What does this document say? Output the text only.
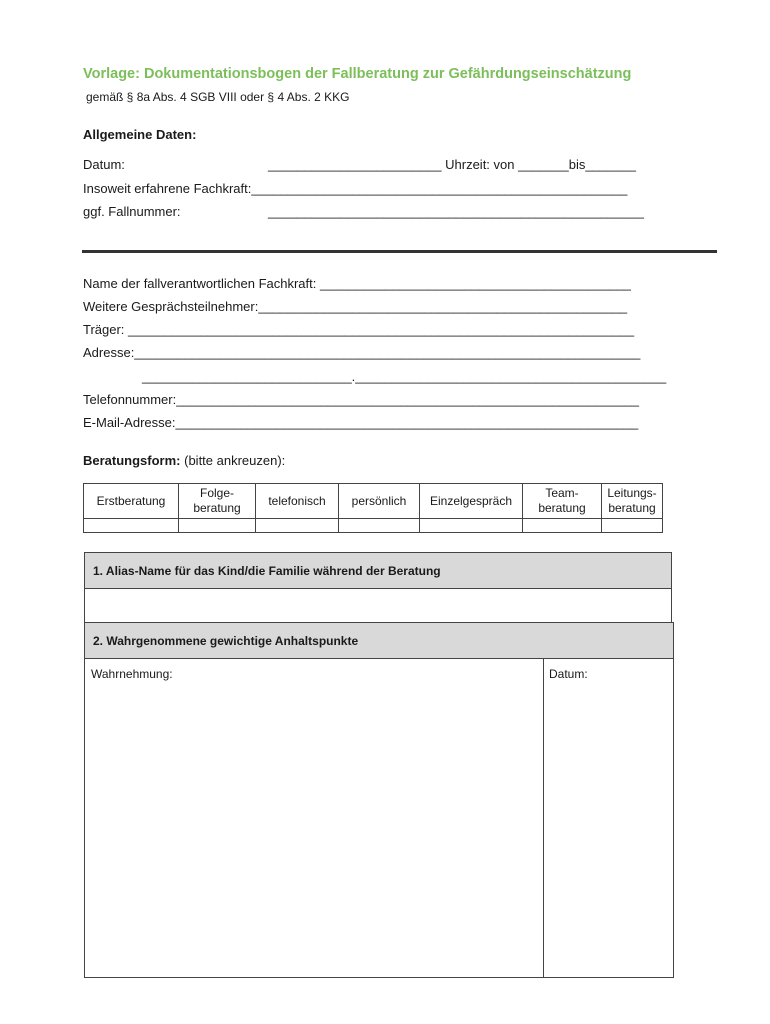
Vorlage: Dokumentationsbogen der Fallberatung zur Gefährdungseinschätzung
gemäß § 8a Abs. 4 SGB VIII oder § 4 Abs. 2 KKG
Allgemeine Daten:
Datum:	________________________ Uhrzeit: von _______bis_______
Insoweit erfahrene Fachkraft:____________________________________________________
ggf. Fallnummer:	____________________________________________________
Name der fallverantwortlichen Fachkraft: ___________________________________________
Weitere Gesprächsteilnehmer:___________________________________________________
Träger: ______________________________________________________________________
Adresse:______________________________________________________________________
_____________________________.___________________________________________
Telefonnummer:________________________________________________________________
E-Mail-Adresse:________________________________________________________________
Beratungsform: (bitte ankreuzen):
Erstberatung	Folge-
beratung	telefonisch	persönlich	Einzelgespräch	Team-
beratung	Leitungs-
beratung

1. Alias-Name für das Kind/die Familie während der Beratung
2. Wahrgenommene gewichtige Anhaltspunkte
Wahrnehmung:	Datum:
